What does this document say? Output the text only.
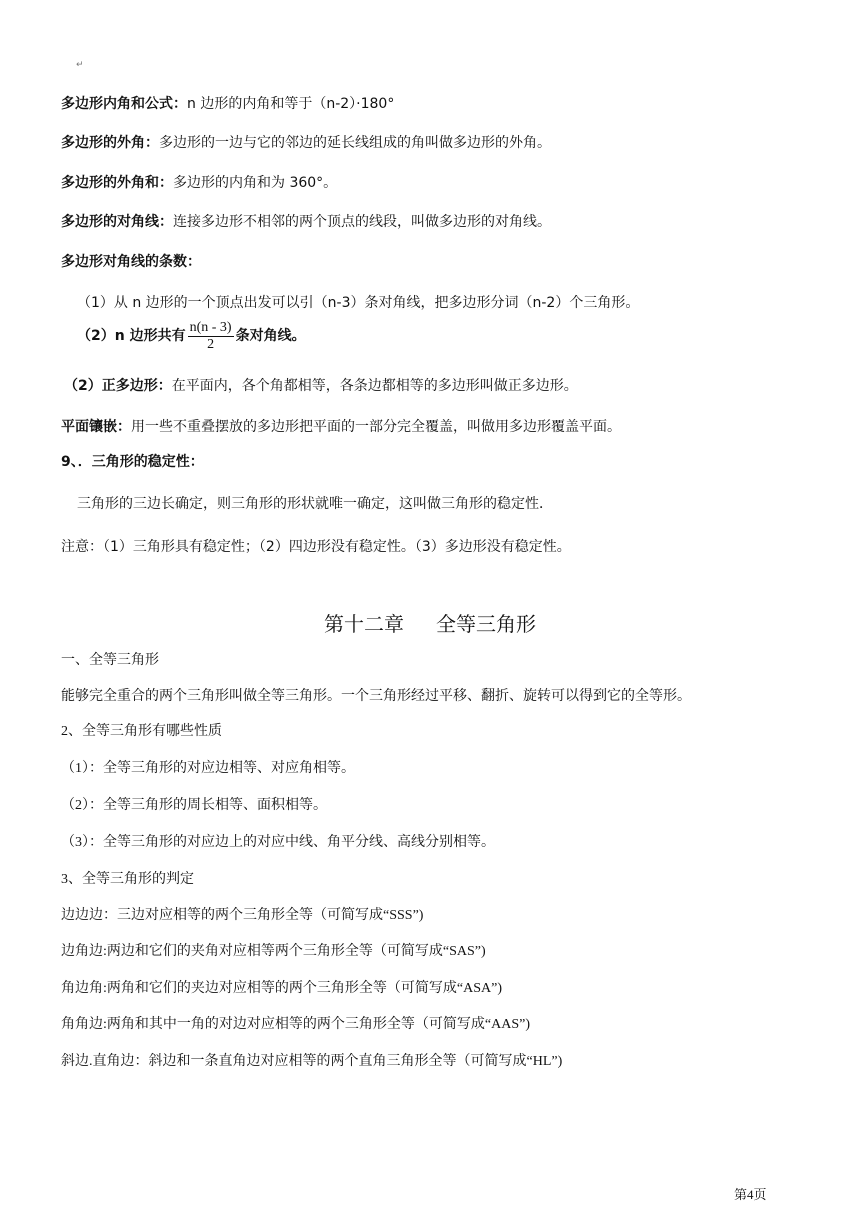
↵
多边形内角和公式：n 边形的内角和等于（n-2）·180°
多边形的外角：多边形的一边与它的邻边的延长线组成的角叫做多边形的外角。
多边形的外角和：多边形的内角和为 360°。
多边形的对角线：连接多边形不相邻的两个顶点的线段，叫做多边形的对角线。
多边形对角线的条数：
（1）从 n 边形的一个顶点出发可以引（n-3）条对角线，把多边形分词（n-2）个三角形。
（2）n 边形共有 $\frac{n(n - 3)}{2}$ 条对角线。
（2）正多边形：在平面内，各个角都相等，各条边都相等的多边形叫做正多边形。
平面镶嵌：用一些不重叠摆放的多边形把平面的一部分完全覆盖，叫做用多边形覆盖平面。
9、．三角形的稳定性：
三角形的三边长确定，则三角形的形状就唯一确定，这叫做三角形的稳定性．
注意：（1）三角形具有稳定性；（2）四边形没有稳定性。（3）多边形没有稳定性。
第十二章 全等三角形
一、全等三角形
能够完全重合的两个三角形叫做全等三角形。一个三角形经过平移、翻折、旋转可以得到它的全等形。
2、全等三角形有哪些性质
（1）：全等三角形的对应边相等、对应角相等。
（2）：全等三角形的周长相等、面积相等。
（3）：全等三角形的对应边上的对应中线、角平分线、高线分别相等。
3、全等三角形的判定
边边边：三边对应相等的两个三角形全等（可简写成“SSS”)
边角边:两边和它们的夹角对应相等两个三角形全等（可简写成“SAS”)
角边角:两角和它们的夹边对应相等的两个三角形全等（可简写成“ASA”)
角角边:两角和其中一角的对边对应相等的两个三角形全等（可简写成“AAS”)
斜边.直角边：斜边和一条直角边对应相等的两个直角三角形全等（可简写成“HL”)
第4页
